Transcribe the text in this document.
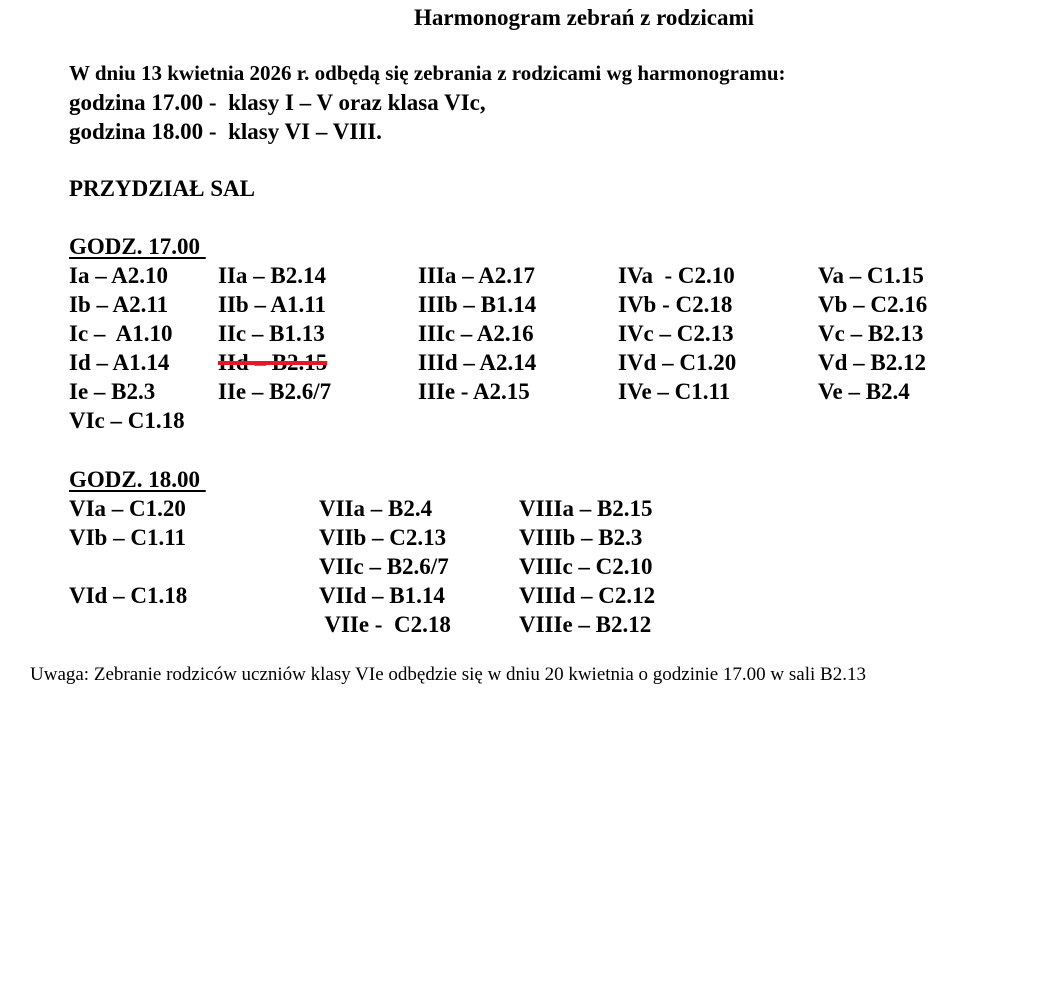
Harmonogram zebrań z rodzicami
W dniu 13 kwietnia 2026 r. odbędą się zebrania z rodzicami wg harmonogramu:
godzina 17.00 -  klasy I – V oraz klasa VIc,
godzina 18.00 -  klasy VI – VIII.
PRZYDZIAŁ SAL
GODZ. 17.00
Ia – A2.10
Ib – A2.11
Ic –  A1.10
Id – A1.14
Ie – B2.3
VIc – C1.18
IIa – B2.14
IIb – A1.11
IIc – B1.13
IId – B2.15
IIe – B2.6/7
IIIa – A2.17
IIIb – B1.14
IIIc – A2.16
IIId – A2.14
IIIe - A2.15
IVa  - C2.10
IVb - C2.18
IVc – C2.13
IVd – C1.20
IVe – C1.11
Va – C1.15
Vb – C2.16
Vc – B2.13
Vd – B2.12
Ve – B2.4
GODZ. 18.00
VIa – C1.20
VIb – C1.11
VId – C1.18
VIIa – B2.4
VIIb – C2.13
VIIc – B2.6/7
VIId – B1.14
VIIe -  C2.18
VIIIa – B2.15
VIIIb – B2.3
VIIIc – C2.10
VIIId – C2.12
VIIIe – B2.12
Uwaga: Zebranie rodziców uczniów klasy VIe odbędzie się w dniu 20 kwietnia o godzinie 17.00 w sali B2.13
